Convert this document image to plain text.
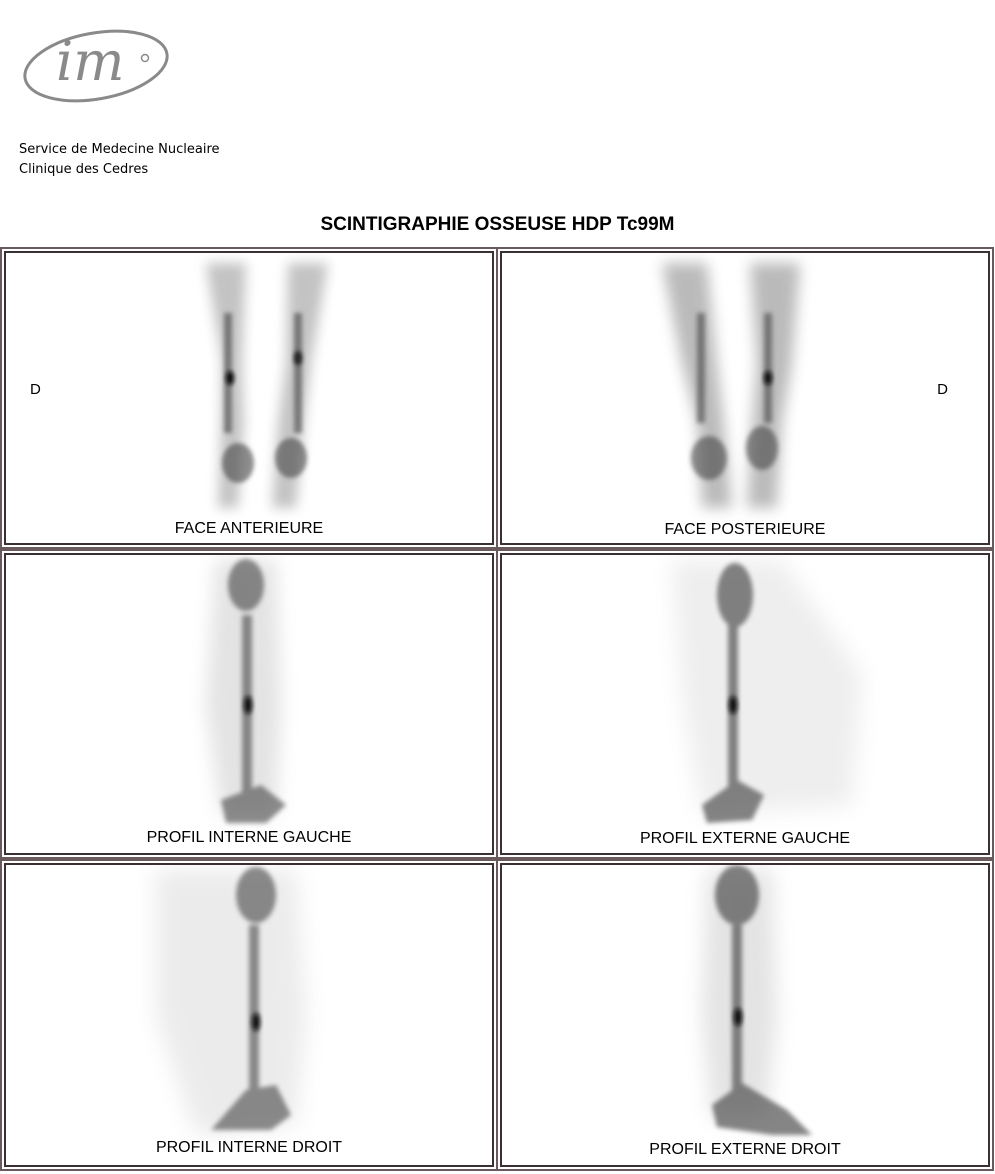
im
Service de Medecine Nucleaire
Clinique des Cedres
SCINTIGRAPHIE OSSEUSE HDP Tc99M
D
FACE ANTERIEURE
D
FACE POSTERIEURE
PROFIL INTERNE GAUCHE	PROFIL EXTERNE GAUCHE
PROFIL INTERNE DROIT	PROFIL EXTERNE DROIT
